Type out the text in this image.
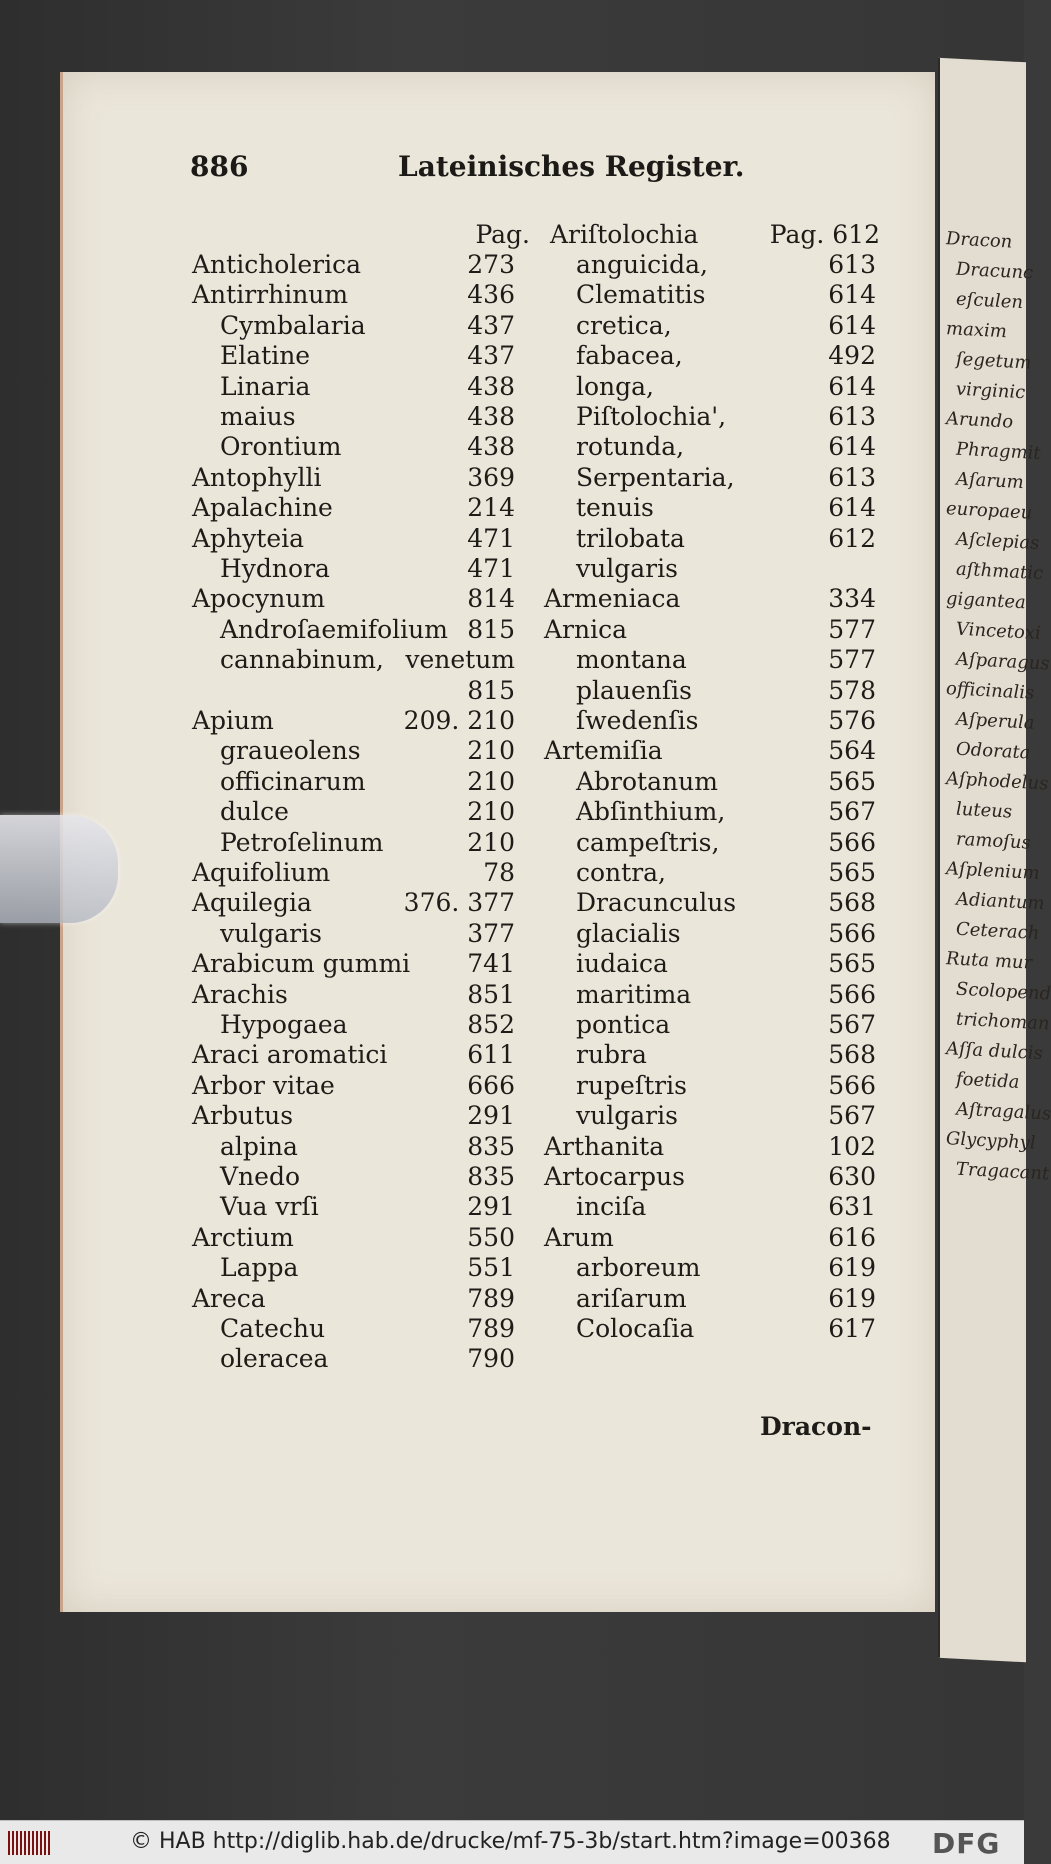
Dracon
Dracunc
eſculen
maxim
ſegetum
virginic
Arundo
Phragmit
Aſarum
europaeu
Aſclepias
aſthmatic
gigantea
Vincetoxi
Aſparagus
officinalis
Aſperula
Odorata
Aſphodelus
luteus
ramoſus
Aſplenium
Adiantum
Ceterach
Ruta mur
Scolopend
trichoman
Aſſa dulcis
foetida
Aſtragalus
Glycyphyl
Tragacant
886	Lateinisches Register.
Pag.
Anticholerica	273
Antirrhinum	436
Cymbalaria	437
Elatine	437
Linaria	438
maius	438
Orontium	438
Antophylli	369
Apalachine	214
Aphyteia	471
Hydnora	471
Apocynum	814
Androſaemifolium 815
cannabinum, venetum
815
Apium	209. 210
graueolens	210
officinarum	210
dulce	210
Petroſelinum	210
Aquifolium	78
Aquilegia	376. 377
vulgaris	377
Arabicum gummi	741
Arachis	851
Hypogaea	852
Araci aromatici	611
Arbor vitae	666
Arbutus	291
alpina	835
Vnedo	835
Vua vrſi	291
Arctium	550
Lappa	551
Areca	789
Catechu	789
oleracea	790
Ariſtolochia	Pag. 612
anguicida,	613
Clematitis	614
cretica,	614
fabacea,	492
longa,	614
Piſtolochia',	613
rotunda,	614
Serpentaria,	613
tenuis	614
trilobata	612
vulgaris
Armeniaca	334
Arnica	577
montana	577
plauenſis	578
ſwedenſis	576
Artemiſia	564
Abrotanum	565
Abſinthium,	567
campeſtris,	566
contra,	565
Dracunculus	568
glacialis	566
iudaica	565
maritima	566
pontica	567
rubra	568
rupeſtris	566
vulgaris	567
Arthanita	102
Artocarpus	630
inciſa	631
Arum	616
arboreum	619
ariſarum	619
Colocaſia	617
Dracon-
© HAB http://diglib.hab.de/drucke/mf-75-3b/start.htm?image=00368 DFG
